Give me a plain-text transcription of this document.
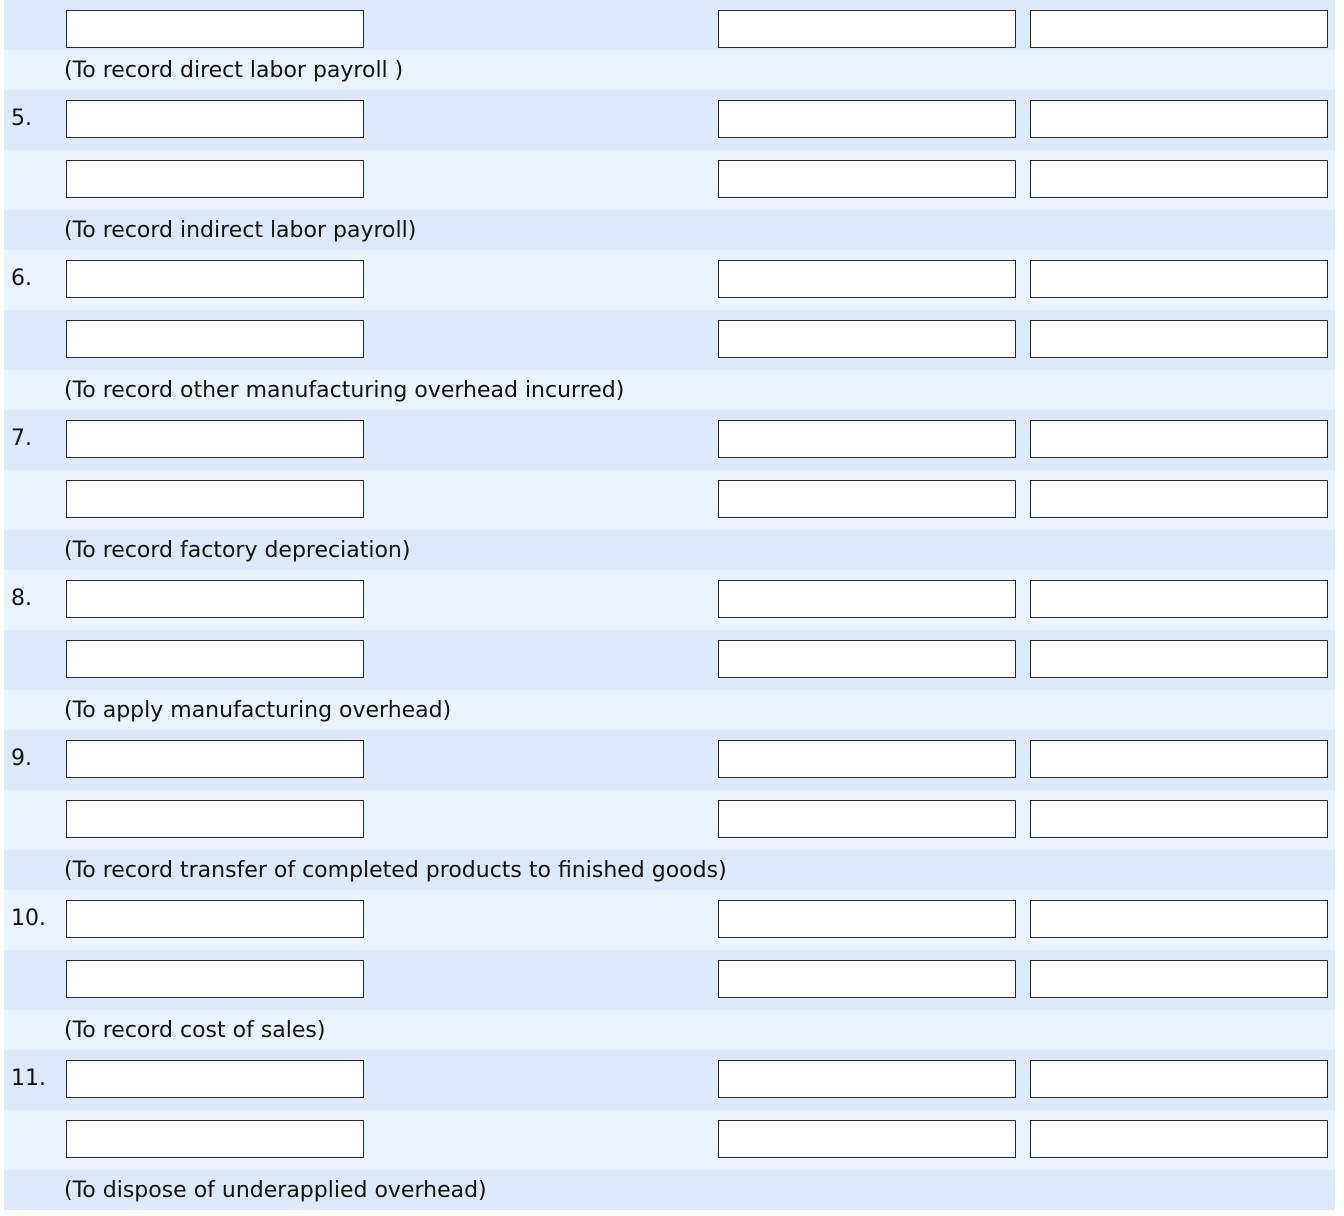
(To record direct labor payroll )
5.
(To record indirect labor payroll)
6.
(To record other manufacturing overhead incurred)
7.
(To record factory depreciation)
8.
(To apply manufacturing overhead)
9.
(To record transfer of completed products to finished goods)
10.
(To record cost of sales)
11.
(To dispose of underapplied overhead)
